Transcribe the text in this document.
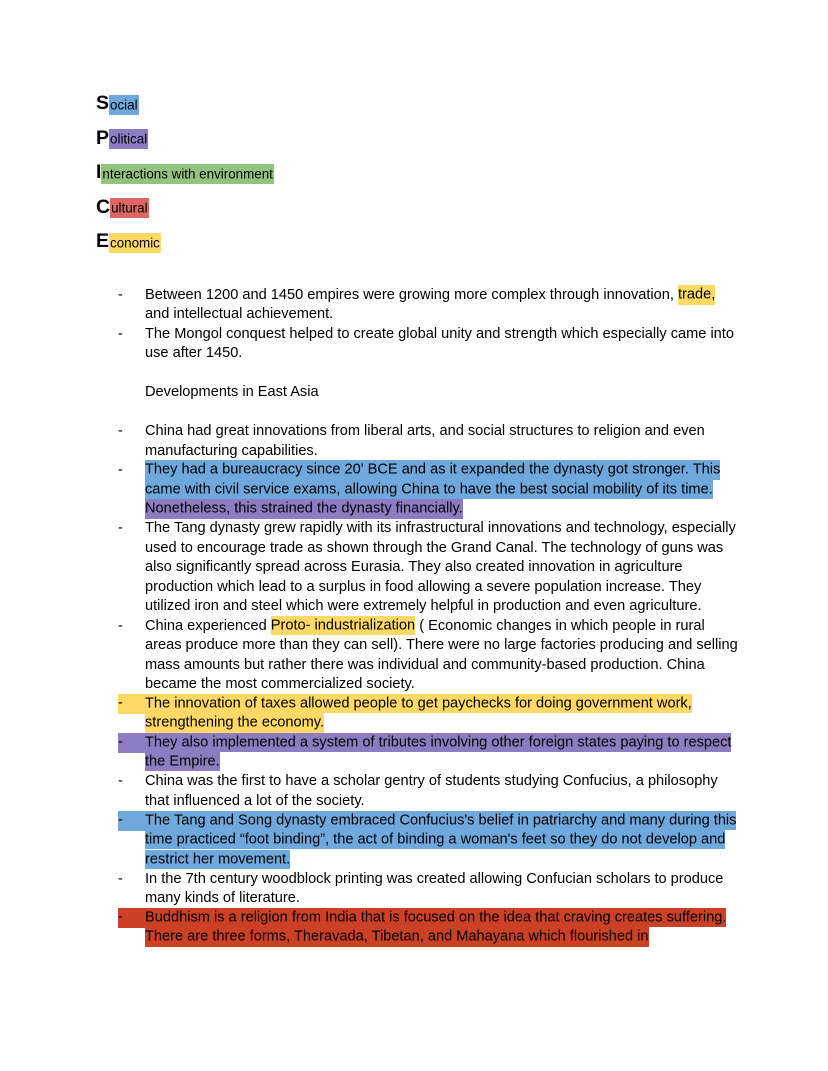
Social
Political
Interactions with environment
Cultural
Economic
-	Between 1200 and 1450 empires were growing more complex through innovation, trade, and intellectual achievement.
-	The Mongol conquest helped to create global unity and strength which especially came into use after 1450.
Developments in East Asia
-	China had great innovations from liberal arts, and social structures to religion and even manufacturing capabilities.
-	They had a bureaucracy since 20' BCE and as it expanded the dynasty got stronger. This came with civil service exams, allowing China to have the best social mobility of its time. Nonetheless, this strained the dynasty financially.
-	The Tang dynasty grew rapidly with its infrastructural innovations and technology, especially used to encourage trade as shown through the Grand Canal. The technology of guns was also significantly spread across Eurasia. They also created innovation in agriculture production which lead to a surplus in food allowing a severe population increase. They utilized iron and steel which were extremely helpful in production and even agriculture.
-	China experienced Proto- industrialization ( Economic changes in which people in rural areas produce more than they can sell). There were no large factories producing and selling mass amounts but rather there was individual and community-based production. China became the most commercialized society.
-	The innovation of taxes allowed people to get paychecks for doing government work, strengthening the economy.
-	They also implemented a system of tributes involving other foreign states paying to respect the Empire.
-	China was the first to have a scholar gentry of students studying Confucius, a philosophy that influenced a lot of the society.
-	The Tang and Song dynasty embraced Confucius's belief in patriarchy and many during this time practiced “foot binding”, the act of binding a woman's feet so they do not develop and restrict her movement.
-	In the 7th century woodblock printing was created allowing Confucian scholars to produce many kinds of literature.
-	Buddhism is a religion from India that is focused on the idea that craving creates suffering. There are three forms, Theravada, Tibetan, and Mahayana which flourished in
